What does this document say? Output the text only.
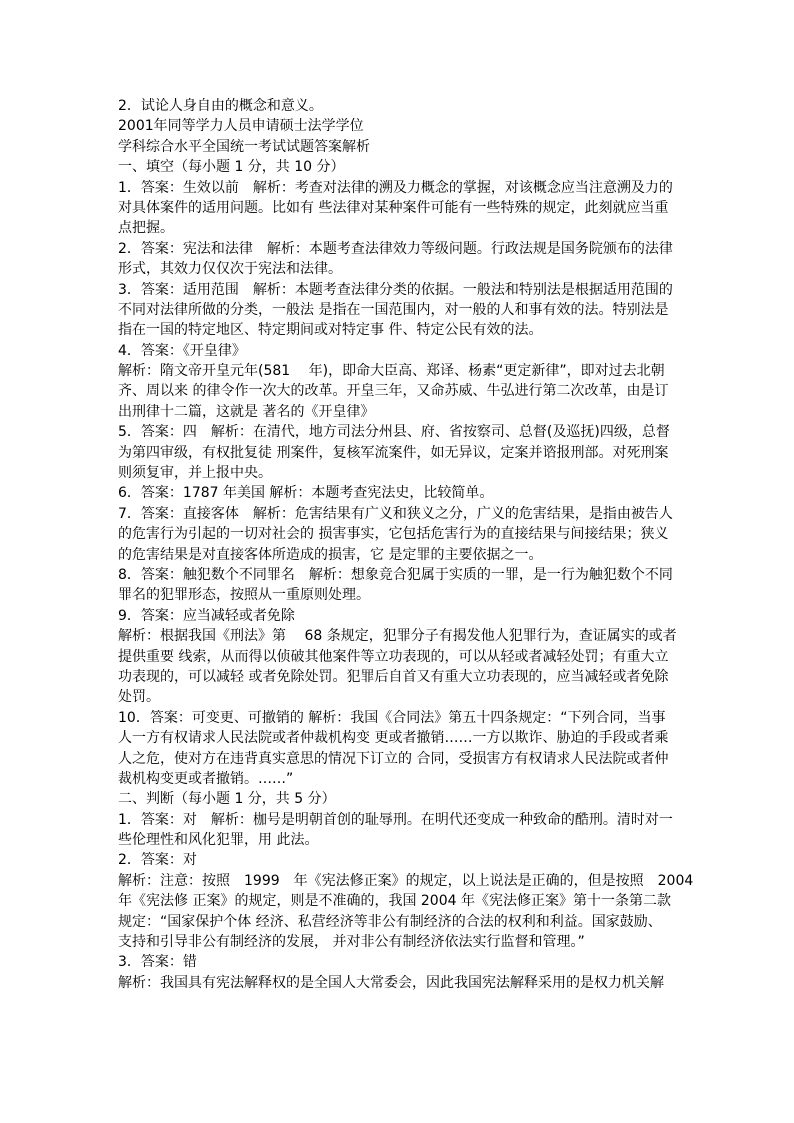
2．试论人身自由的概念和意义。
2001年同等学力人员申请硕士法学学位
学科综合水平全国统一考试试题答案解析
一、填空（每小题 1 分，共 10 分）
1．答案：生效以前　解析：考查对法律的溯及力概念的掌握，对该概念应当注意溯及力的
对具体案件的适用问题。比如有 些法律对某种案件可能有一些特殊的规定，此刻就应当重
点把握。
2．答案：宪法和法律　解析：本题考查法律效力等级问题。行政法规是国务院颁布的法律
形式，其效力仅仅次于宪法和法律。
3．答案：适用范围　解析：本题考查法律分类的依据。一般法和特别法是根据适用范围的
不同对法律所做的分类，一般法 是指在一国范围内，对一般的人和事有效的法。特别法是
指在一国的特定地区、特定期间或对特定事 件、特定公民有效的法。
4．答案：《开皇律》
解析：隋文帝开皇元年(581　 年)，即命大臣高、郑译、杨素“更定新律”，即对过去北朝
齐、周以来 的律令作一次大的改革。开皇三年，又命苏威、牛弘进行第二次改革，由是订
出刑律十二篇，这就是 著名的《开皇律》
5．答案：四　解析：在清代，地方司法分州县、府、省按察司、总督(及巡抚)四级，总督
为第四审级，有权批复徒 刑案件，复核军流案件，如无异议，定案并谘报刑部。对死刑案
则须复审，并上报中央。
6．答案：1787 年美国 解析：本题考查宪法史，比较简单。
7．答案：直接客体　解析：危害结果有广义和狭义之分，广义的危害结果，是指由被告人
的危害行为引起的一切对社会的 损害事实，它包括危害行为的直接结果与间接结果；狭义
的危害结果是对直接客体所造成的损害，它 是定罪的主要依据之一。
8．答案：触犯数个不同罪名　解析：想象竞合犯属于实质的一罪，是一行为触犯数个不同
罪名的犯罪形态，按照从一重原则处理。
9．答案：应当减轻或者免除
解析：根据我国《刑法》第　 68 条规定，犯罪分子有揭发他人犯罪行为，查证属实的或者
提供重要 线索，从而得以侦破其他案件等立功表现的，可以从轻或者减轻处罚；有重大立
功表现的，可以减轻 或者免除处罚。犯罪后自首又有重大立功表现的，应当减轻或者免除
处罚。
10．答案：可变更、可撤销的 解析：我国《合同法》第五十四条规定：“下列合同，当事
人一方有权请求人民法院或者仲裁机构变 更或者撤销……一方以欺诈、胁迫的手段或者乘
人之危，使对方在违背真实意思的情况下订立的 合同，受损害方有权请求人民法院或者仲
裁机构变更或者撤销。……”
二、判断（每小题 1 分，共 5 分）
1．答案：对　解析：枷号是明朝首创的耻辱刑。在明代还变成一种致命的酷刑。清时对一
些伦理性和风化犯罪，用 此法。
2．答案：对
解析：注意：按照　1999　年《宪法修正案》的规定，以上说法是正确的，但是按照　2004
年《宪法修 正案》的规定，则是不准确的，我国 2004 年《宪法修正案》第十一条第二款
规定：“国家保护个体 经济、私营经济等非公有制经济的合法的权利和利益。国家鼓励、
支持和引导非公有制经济的发展， 并对非公有制经济依法实行监督和管理。”
3．答案：错
解析：我国具有宪法解释权的是全国人大常委会，因此我国宪法解释采用的是权力机关解
